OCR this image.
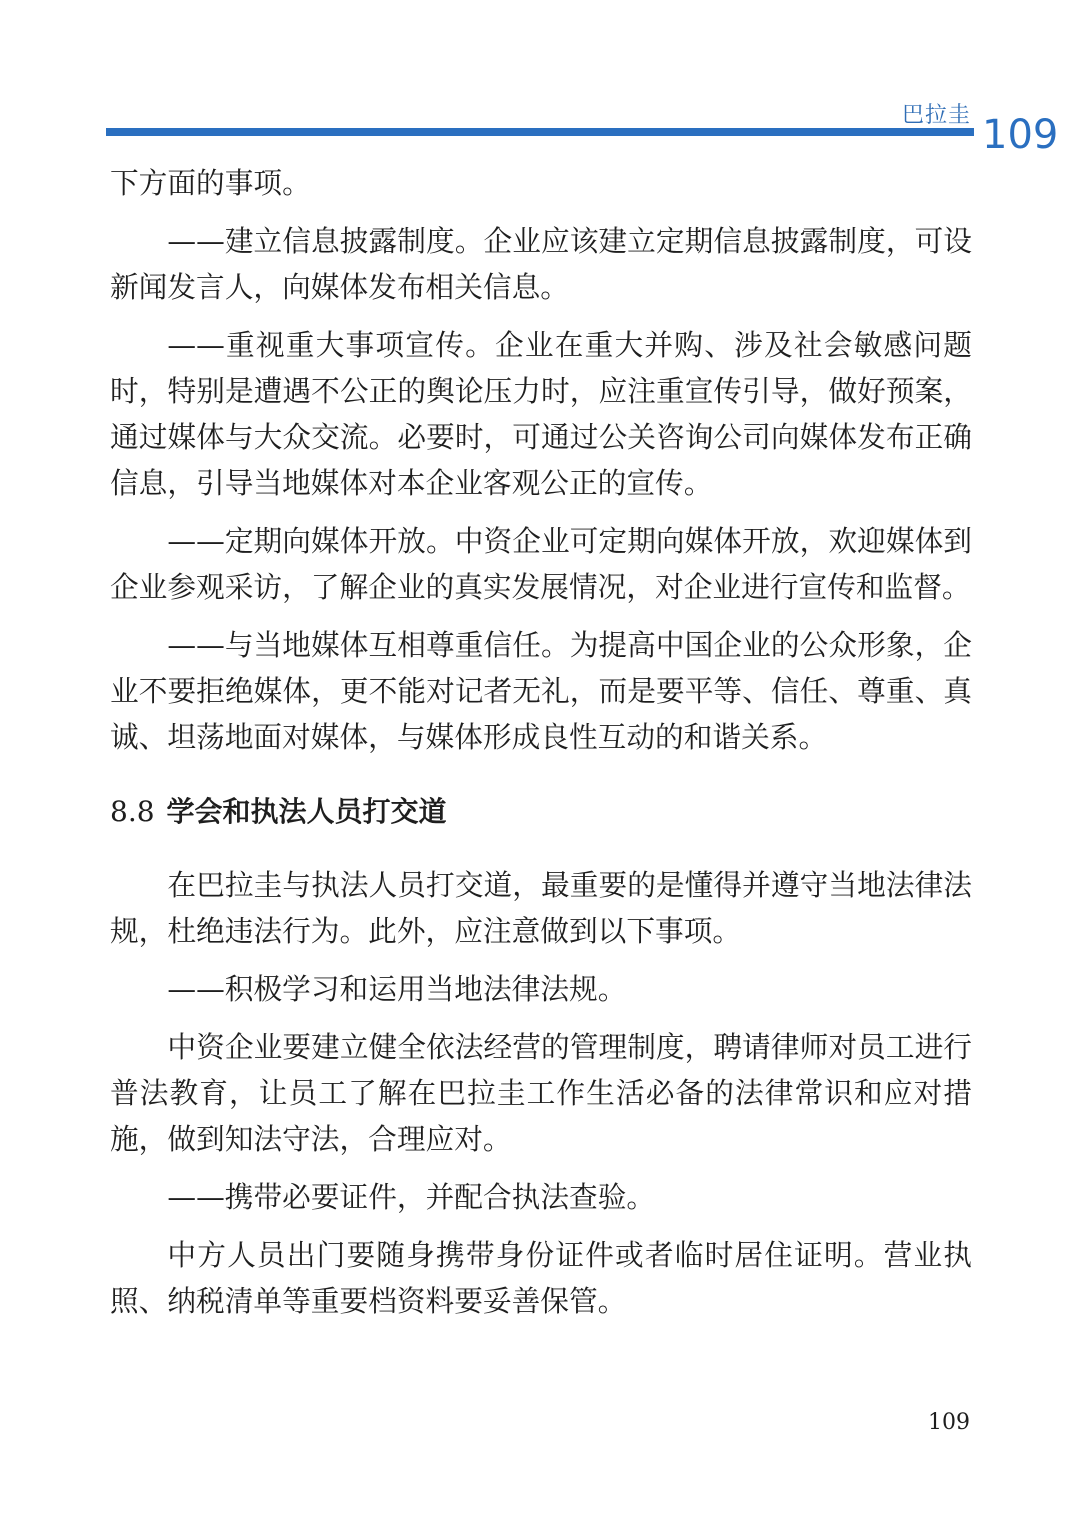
巴拉圭 109

下方面的事项。

——建立信息披露制度。企业应该建立定期信息披露制度，可设新闻发言人，向媒体发布相关信息。

——重视重大事项宣传。企业在重大并购、涉及社会敏感问题时，特别是遭遇不公正的舆论压力时，应注重宣传引导，做好预案，通过媒体与大众交流。必要时，可通过公关咨询公司向媒体发布正确信息，引导当地媒体对本企业客观公正的宣传。

——定期向媒体开放。中资企业可定期向媒体开放，欢迎媒体到企业参观采访，了解企业的真实发展情况，对企业进行宣传和监督。

——与当地媒体互相尊重信任。为提高中国企业的公众形象，企业不要拒绝媒体，更不能对记者无礼，而是要平等、信任、尊重、真诚、坦荡地面对媒体，与媒体形成良性互动的和谐关系。

8.8 学会和执法人员打交道

在巴拉圭与执法人员打交道，最重要的是懂得并遵守当地法律法规，杜绝违法行为。此外，应注意做到以下事项。

——积极学习和运用当地法律法规。

中资企业要建立健全依法经营的管理制度，聘请律师对员工进行普法教育，让员工了解在巴拉圭工作生活必备的法律常识和应对措施，做到知法守法，合理应对。

——携带必要证件，并配合执法查验。

中方人员出门要随身携带身份证件或者临时居住证明。营业执照、纳税清单等重要档资料要妥善保管。

109
